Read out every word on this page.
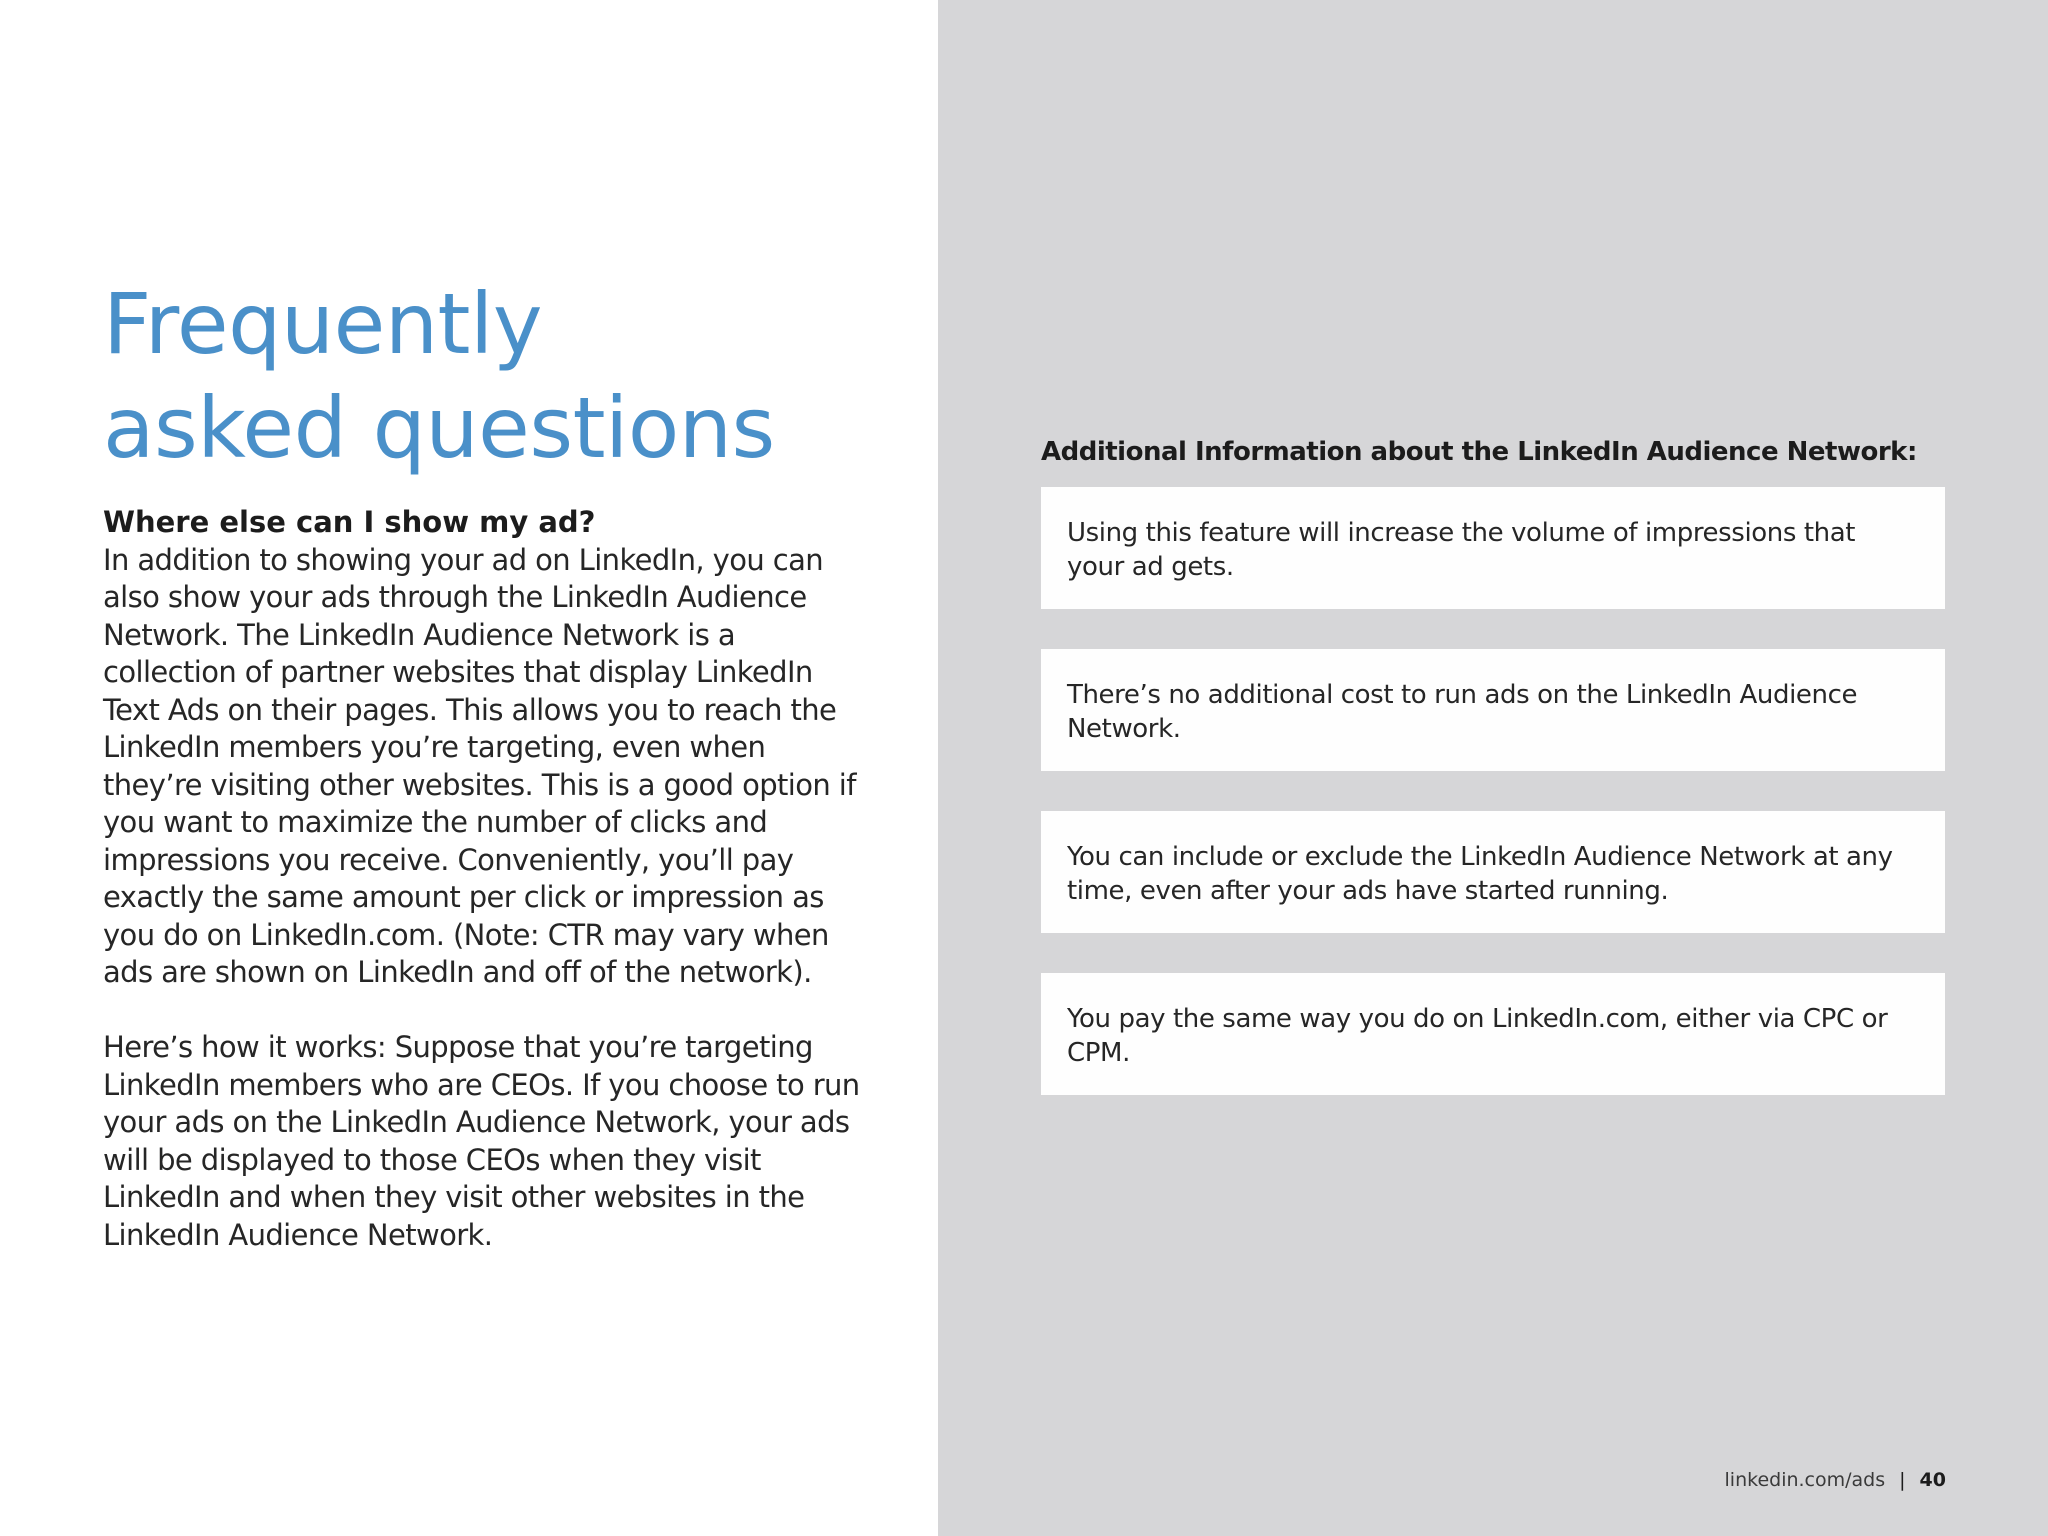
Frequently
asked questions

Where else can I show my ad?

In addition to showing your ad on LinkedIn, you can also show your ads through the LinkedIn Audience Network. The LinkedIn Audience Network is a collection of partner websites that display LinkedIn Text Ads on their pages. This allows you to reach the LinkedIn members you’re targeting, even when they’re visiting other websites. This is a good option if you want to maximize the number of clicks and impressions you receive. Conveniently, you’ll pay exactly the same amount per click or impression as you do on LinkedIn.com. (Note: CTR may vary when ads are shown on LinkedIn and off of the network).

Here’s how it works: Suppose that you’re targeting LinkedIn members who are CEOs. If you choose to run your ads on the LinkedIn Audience Network, your ads will be displayed to those CEOs when they visit LinkedIn and when they visit other websites in the LinkedIn Audience Network.

Additional Information about the LinkedIn Audience Network:

Using this feature will increase the volume of impressions that your ad gets.

There’s no additional cost to run ads on the LinkedIn Audience Network.

You can include or exclude the LinkedIn Audience Network at any time, even after your ads have started running.

You pay the same way you do on LinkedIn.com, either via CPC or CPM.

linkedin.com/ads | 40
